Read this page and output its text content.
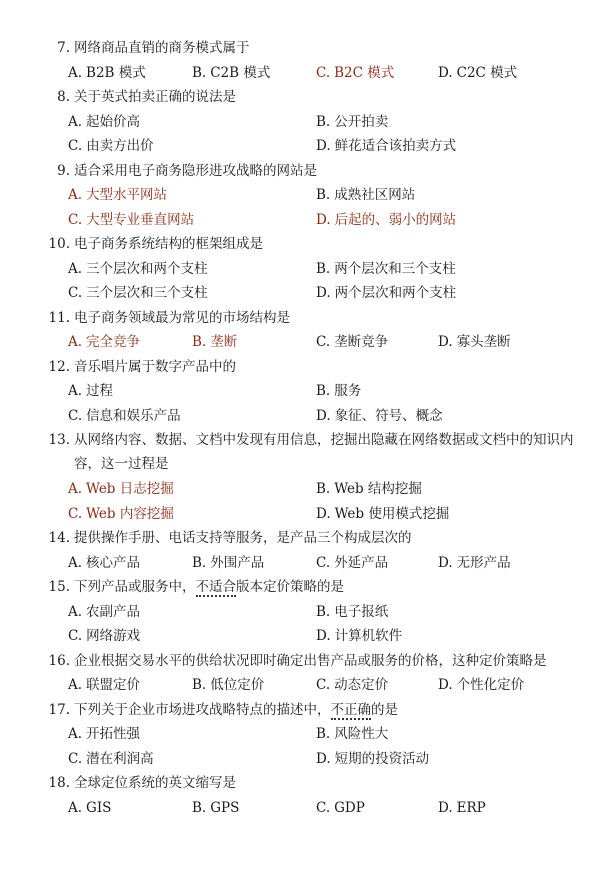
7. 网络商品直销的商务模式属于
A. B2B 模式	B. C2B 模式	C. B2C 模式	D. C2C 模式
8. 关于英式拍卖正确的说法是
A. 起始价高	B. 公开拍卖
C. 由卖方出价	D. 鲜花适合该拍卖方式
9. 适合采用电子商务隐形进攻战略的网站是
A. 大型水平网站	B. 成熟社区网站
C. 大型专业垂直网站	D. 后起的、弱小的网站
10. 电子商务系统结构的框架组成是
A. 三个层次和两个支柱	B. 两个层次和三个支柱
C. 三个层次和三个支柱	D. 两个层次和两个支柱
11. 电子商务领域最为常见的市场结构是
A. 完全竞争	B. 垄断	C. 垄断竞争	D. 寡头垄断
12. 音乐唱片属于数字产品中的
A. 过程	B. 服务
C. 信息和娱乐产品	D. 象征、符号、概念
13. 从网络内容、数据、文档中发现有用信息，挖掘出隐藏在网络数据或文档中的知识内容，这一过程是
A. Web 日志挖掘	B. Web 结构挖掘
C. Web 内容挖掘	D. Web 使用模式挖掘
14. 提供操作手册、电话支持等服务，是产品三个构成层次的
A. 核心产品	B. 外围产品	C. 外延产品	D. 无形产品
15. 下列产品或服务中，不适合版本定价策略的是
A. 农副产品	B. 电子报纸
C. 网络游戏	D. 计算机软件
16. 企业根据交易水平的供给状况即时确定出售产品或服务的价格，这种定价策略是
A. 联盟定价	B. 低位定价	C. 动态定价	D. 个性化定价
17. 下列关于企业市场进攻战略特点的描述中，不正确的是
A. 开拓性强	B. 风险性大
C. 潜在利润高	D. 短期的投资活动
18. 全球定位系统的英文缩写是
A. GIS	B. GPS	C. GDP	D. ERP
